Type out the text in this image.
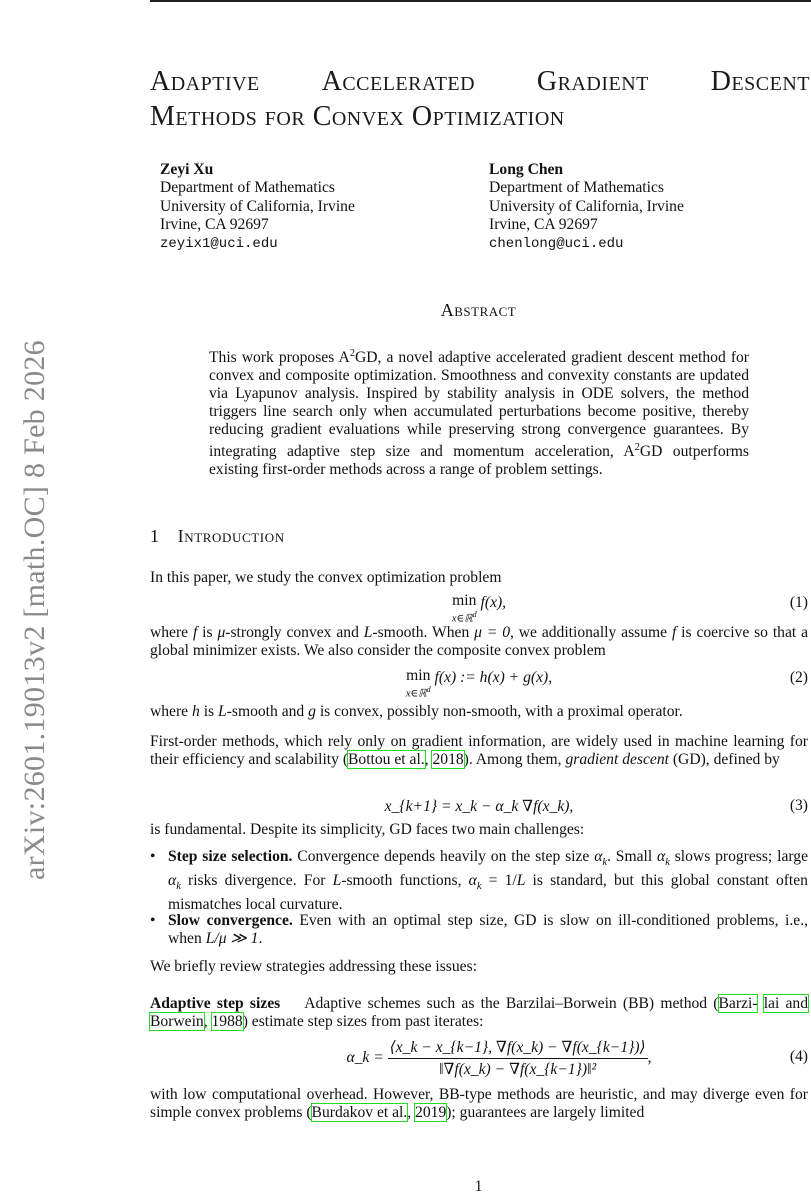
arXiv:2601.19013v2 [math.OC] 8 Feb 2026
Adaptive Accelerated Gradient Descent
Methods for Convex Optimization
Zeyi Xu
Department of Mathematics
University of California, Irvine
Irvine, CA 92697
zeyix1@uci.edu
Long Chen
Department of Mathematics
University of California, Irvine
Irvine, CA 92697
chenlong@uci.edu
Abstract
This work proposes $A^2GD$, a novel adaptive accelerated gradient descent method for convex and composite optimization. Smoothness and convexity constants are updated via Lyapunov analysis. Inspired by stability analysis in ODE solvers, the method triggers line search only when accumulated perturbations become positive, thereby reducing gradient evaluations while preserving strong convergence guarantees. By integrating adaptive step size and momentum acceleration, $A^2GD$ outperforms existing first-order methods across a range of problem settings.
1 Introduction
In this paper, we study the convex optimization problem
min
x∈ℝ$^d$
f(x),	(1)
where f is μ-strongly convex and L-smooth. When μ = 0, we additionally assume f is coercive so that a global minimizer exists. We also consider the composite convex problem
min
x∈ℝ$^d$
f(x) := h(x) + g(x),	(2)
where h is L-smooth and g is convex, possibly non-smooth, with a proximal operator.
First-order methods, which rely only on gradient information, are widely used in machine learning for their efficiency and scalability (Bottou et al., 2018). Among them, gradient descent (GD), defined by
x_{k+1} = x_k − α_k ∇f(x_k),	(3)
is fundamental. Despite its simplicity, GD faces two main challenges:
• Step size selection. Convergence depends heavily on the step size $\alpha_k$. Small $\alpha_k$ slows progress; large $\alpha_k$ risks divergence. For L-smooth functions, $\alpha_k = 1/L$ is standard, but this global constant often mismatches local curvature.
• Slow convergence. Even with an optimal step size, GD is slow on ill-conditioned problems, i.e., when L/μ ≫ 1.
We briefly review strategies addressing these issues:
Adaptive step sizes Adaptive schemes such as the Barzilai–Borwein (BB) method (Barzi- lai and Borwein, 1988) estimate step sizes from past iterates:
α_k = $\frac{⟨x\_k - x\_\{k-1\}, \nabla f(x\_k) - \nabla f(x\_\{k-1\})⟩}{\text{‖∇f(x\_k) − ∇f(x\_\{k−1\})‖²}}$ ,	(4)
with low computational overhead. However, BB-type methods are heuristic, and may diverge even for simple convex problems (Burdakov et al., 2019); guarantees are largely limited
1
